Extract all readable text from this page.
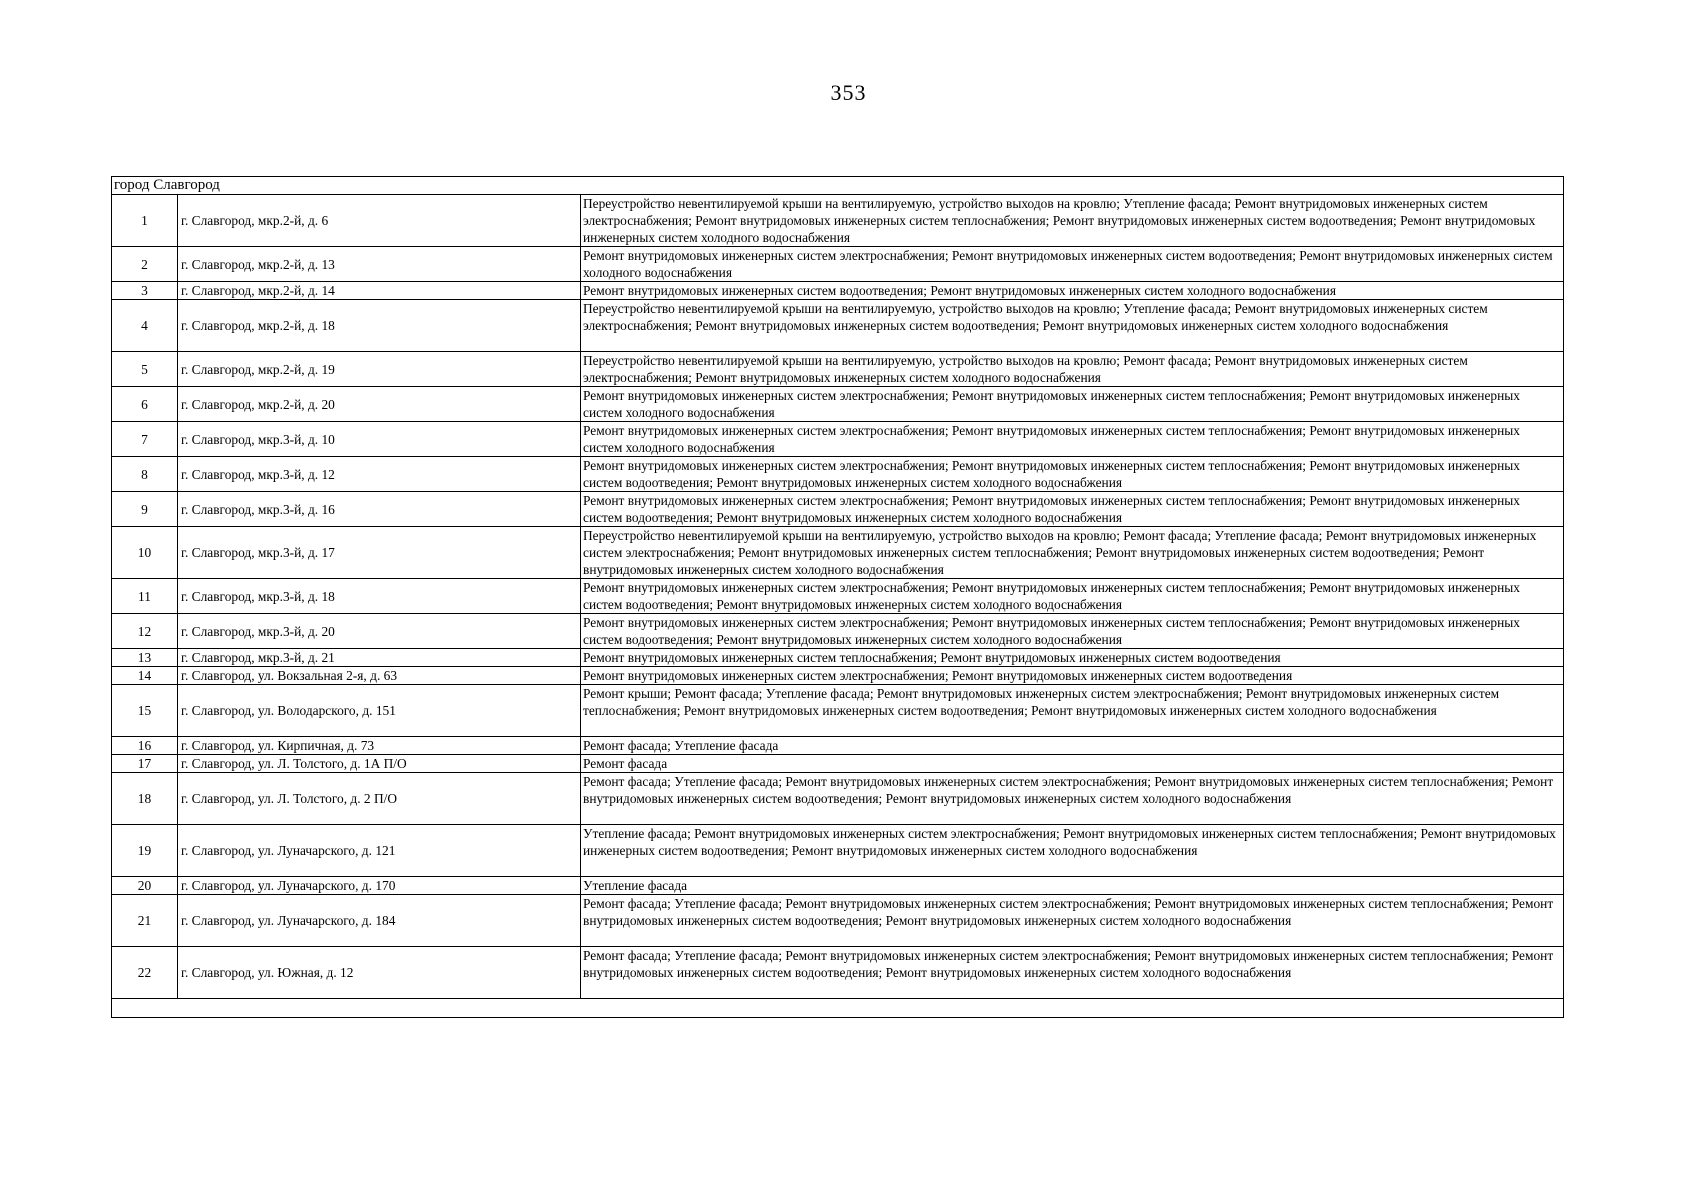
353
город Славгород		
1	г. Славгород, мкр.2-й, д. 6	Переустройство невентилируемой крыши на вентилируемую, устройство выходов на кровлю; Утепление фасада; Ремонт внутридомовых инженерных систем электроснабжения; Ремонт внутридомовых инженерных систем теплоснабжения; Ремонт внутридомовых инженерных систем водоотведения; Ремонт внутридомовых инженерных систем холодного водоснабжения
2	г. Славгород, мкр.2-й, д. 13	Ремонт внутридомовых инженерных систем электроснабжения; Ремонт внутридомовых инженерных систем водоотведения; Ремонт внутридомовых инженерных систем холодного водоснабжения
3	г. Славгород, мкр.2-й, д. 14	Ремонт внутридомовых инженерных систем водоотведения; Ремонт внутридомовых инженерных систем холодного водоснабжения
4	г. Славгород, мкр.2-й, д. 18	Переустройство невентилируемой крыши на вентилируемую, устройство выходов на кровлю; Утепление фасада; Ремонт внутридомовых инженерных систем электроснабжения; Ремонт внутридомовых инженерных систем водоотведения; Ремонт внутридомовых инженерных систем холодного водоснабжения
5	г. Славгород, мкр.2-й, д. 19	Переустройство невентилируемой крыши на вентилируемую, устройство выходов на кровлю; Ремонт фасада; Ремонт внутридомовых инженерных систем электроснабжения; Ремонт внутридомовых инженерных систем холодного водоснабжения
6	г. Славгород, мкр.2-й, д. 20	Ремонт внутридомовых инженерных систем электроснабжения; Ремонт внутридомовых инженерных систем теплоснабжения; Ремонт внутридомовых инженерных систем холодного водоснабжения
7	г. Славгород, мкр.3-й, д. 10	Ремонт внутридомовых инженерных систем электроснабжения; Ремонт внутридомовых инженерных систем теплоснабжения; Ремонт внутридомовых инженерных систем холодного водоснабжения
8	г. Славгород, мкр.3-й, д. 12	Ремонт внутридомовых инженерных систем электроснабжения; Ремонт внутридомовых инженерных систем теплоснабжения; Ремонт внутридомовых инженерных систем водоотведения; Ремонт внутридомовых инженерных систем холодного водоснабжения
9	г. Славгород, мкр.3-й, д. 16	Ремонт внутридомовых инженерных систем электроснабжения; Ремонт внутридомовых инженерных систем теплоснабжения; Ремонт внутридомовых инженерных систем водоотведения; Ремонт внутридомовых инженерных систем холодного водоснабжения
10	г. Славгород, мкр.3-й, д. 17	Переустройство невентилируемой крыши на вентилируемую, устройство выходов на кровлю; Ремонт фасада; Утепление фасада; Ремонт внутридомовых инженерных систем электроснабжения; Ремонт внутридомовых инженерных систем теплоснабжения; Ремонт внутридомовых инженерных систем водоотведения; Ремонт внутридомовых инженерных систем холодного водоснабжения
11	г. Славгород, мкр.3-й, д. 18	Ремонт внутридомовых инженерных систем электроснабжения; Ремонт внутридомовых инженерных систем теплоснабжения; Ремонт внутридомовых инженерных систем водоотведения; Ремонт внутридомовых инженерных систем холодного водоснабжения
12	г. Славгород, мкр.3-й, д. 20	Ремонт внутридомовых инженерных систем электроснабжения; Ремонт внутридомовых инженерных систем теплоснабжения; Ремонт внутридомовых инженерных систем водоотведения; Ремонт внутридомовых инженерных систем холодного водоснабжения
13	г. Славгород, мкр.3-й, д. 21	Ремонт внутридомовых инженерных систем теплоснабжения; Ремонт внутридомовых инженерных систем водоотведения
14	г. Славгород, ул. Вокзальная 2-я, д. 63	Ремонт внутридомовых инженерных систем электроснабжения; Ремонт внутридомовых инженерных систем водоотведения
15	г. Славгород, ул. Володарского, д. 151	Ремонт крыши; Ремонт фасада; Утепление фасада; Ремонт внутридомовых инженерных систем электроснабжения; Ремонт внутридомовых инженерных систем теплоснабжения; Ремонт внутридомовых инженерных систем водоотведения; Ремонт внутридомовых инженерных систем холодного водоснабжения
16	г. Славгород, ул. Кирпичная, д. 73	Ремонт фасада; Утепление фасада
17	г. Славгород, ул. Л. Толстого, д. 1А П/О	Ремонт фасада
18	г. Славгород, ул. Л. Толстого, д. 2 П/О	Ремонт фасада; Утепление фасада; Ремонт внутридомовых инженерных систем электроснабжения; Ремонт внутридомовых инженерных систем теплоснабжения; Ремонт внутридомовых инженерных систем водоотведения; Ремонт внутридомовых инженерных систем холодного водоснабжения
19	г. Славгород, ул. Луначарского, д. 121	Утепление фасада; Ремонт внутридомовых инженерных систем электроснабжения; Ремонт внутридомовых инженерных систем теплоснабжения; Ремонт внутридомовых инженерных систем водоотведения; Ремонт внутридомовых инженерных систем холодного водоснабжения
20	г. Славгород, ул. Луначарского, д. 170	Утепление фасада
21	г. Славгород, ул. Луначарского, д. 184	Ремонт фасада; Утепление фасада; Ремонт внутридомовых инженерных систем электроснабжения; Ремонт внутридомовых инженерных систем теплоснабжения; Ремонт внутридомовых инженерных систем водоотведения; Ремонт внутридомовых инженерных систем холодного водоснабжения
22	г. Славгород, ул. Южная, д. 12	Ремонт фасада; Утепление фасада; Ремонт внутридомовых инженерных систем электроснабжения; Ремонт внутридомовых инженерных систем теплоснабжения; Ремонт внутридомовых инженерных систем водоотведения; Ремонт внутридомовых инженерных систем холодного водоснабжения
